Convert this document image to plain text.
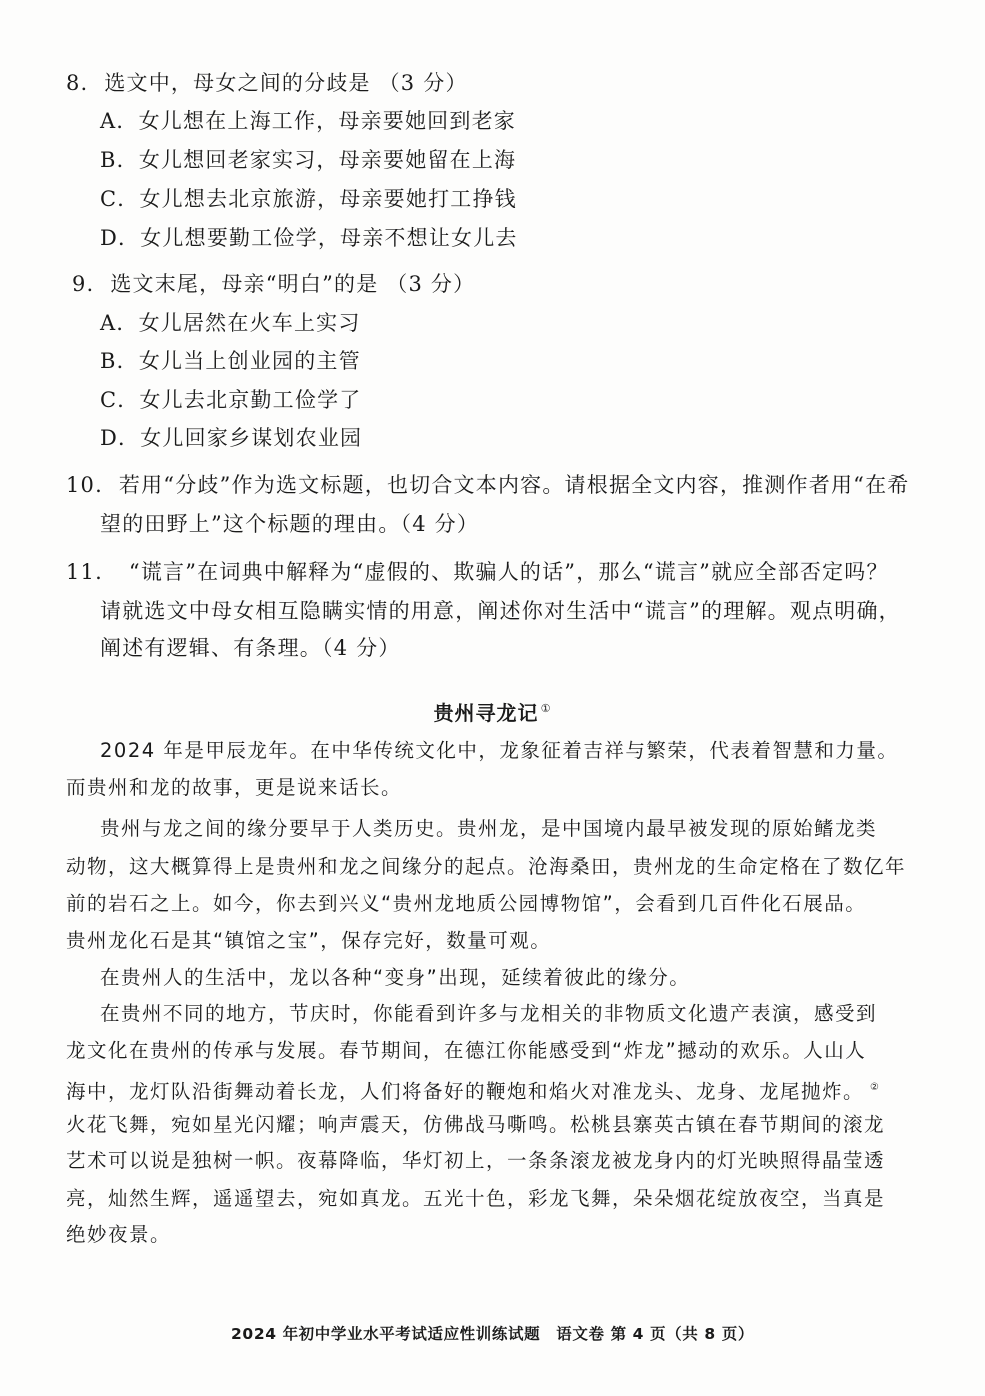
8. 选文中，母女之间的分歧是 （3 分）
A．女儿想在上海工作，母亲要她回到老家
B．女儿想回老家实习，母亲要她留在上海
C．女儿想去北京旅游，母亲要她打工挣钱
D．女儿想要勤工俭学，母亲不想让女儿去
9. 选文末尾，母亲“明白”的是 （3 分）
A．女儿居然在火车上实习
B．女儿当上创业园的主管
C．女儿去北京勤工俭学了
D．女儿回家乡谋划农业园
10. 若用“分歧”作为选文标题，也切合文本内容。请根据全文内容，推测作者用“在希
望的田野上”这个标题的理由。（4 分）
11. “谎言”在词典中解释为“虚假的、欺骗人的话”，那么“谎言”就应全部否定吗？
请就选文中母女相互隐瞒实情的用意，阐述你对生活中“谎言”的理解。观点明确，
阐述有逻辑、有条理。（4 分）
贵州寻龙记 ①
2024 年是甲辰龙年。在中华传统文化中，龙象征着吉祥与繁荣，代表着智慧和力量。
而贵州和龙的故事，更是说来话长。
贵州与龙之间的缘分要早于人类历史。贵州龙，是中国境内最早被发现的原始鳍龙类
动物，这大概算得上是贵州和龙之间缘分的起点。沧海桑田，贵州龙的生命定格在了数亿年
前的岩石之上。如今，你去到兴义“贵州龙地质公园博物馆”，会看到几百件化石展品。
贵州龙化石是其“镇馆之宝”，保存完好，数量可观。
在贵州人的生活中，龙以各种“变身”出现，延续着彼此的缘分。
在贵州不同的地方，节庆时，你能看到许多与龙相关的非物质文化遗产表演，感受到
龙文化在贵州的传承与发展。春节期间，在德江你能感受到“炸龙”撼动的欢乐。人山人
海中，龙灯队沿街舞动着长龙，人们将备好的鞭炮和焰火对准龙头、龙身、龙尾抛炸。 ②
火花飞舞，宛如星光闪耀；响声震天，仿佛战马嘶鸣。松桃县寨英古镇在春节期间的滚龙
艺术可以说是独树一帜。夜幕降临，华灯初上，一条条滚龙被龙身内的灯光映照得晶莹透
亮，灿然生辉，遥遥望去，宛如真龙。五光十色，彩龙飞舞，朵朵烟花绽放夜空，当真是
绝妙夜景。
2024 年初中学业水平考试适应性训练试题　语文卷 第 4 页（共 8 页）
